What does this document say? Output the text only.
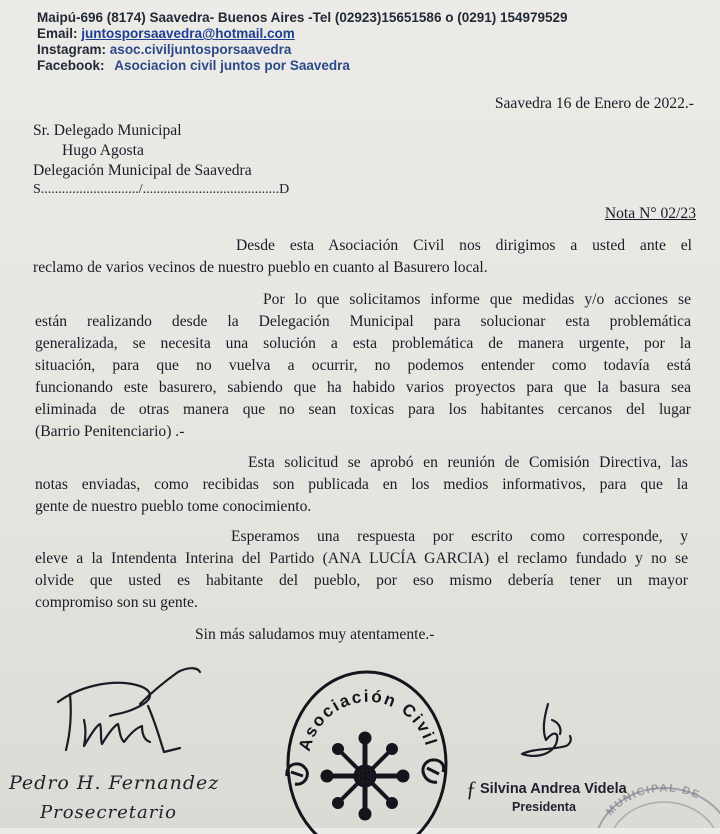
Maipú-696 (8174) Saavedra- Buenos Aires -Tel (02923)15651586 o (0291) 154979529
Email: juntosporsaavedra@hotmail.com
Instagram: asoc.civiljuntosporsaavedra
Facebook: Asociacion civil juntos por Saavedra
Saavedra 16 de Enero de 2022.-
Sr. Delegado Municipal
Hugo Agosta
Delegación Municipal de Saavedra
S............................/.......................................D
Nota N° 02/23
Desde esta Asociación Civil nos dirigimos a usted ante el
reclamo de varios vecinos de nuestro pueblo en cuanto al Basurero local.
Por lo que solicitamos informe que medidas y/o acciones se
están realizando desde la Delegación Municipal para solucionar esta problemática
generalizada, se necesita una solución a esta problemática de manera urgente, por la
situación, para que no vuelva a ocurrir, no podemos entender como todavía está
funcionando este basurero, sabiendo que ha habido varios proyectos para que la basura sea
eliminada de otras manera que no sean toxicas para los habitantes cercanos del lugar
(Barrio Penitenciario) .-
Esta solicitud se aprobó en reunión de Comisión Directiva, las
notas enviadas, como recibidas son publicada en los medios informativos, para que la
gente de nuestro pueblo tome conocimiento.
Esperamos una respuesta por escrito como corresponde, y
eleve a la Intendenta Interina del Partido (ANA LUCÍA GARCIA) el reclamo fundado y no se
olvide que usted es habitante del pueblo, por eso mismo debería tener un mayor
compromiso son su gente.
Sin más saludamos muy atentamente.-
Pedro H. Fernandez
Prosecretario
Asociación Civil
ƒ Silvina Andrea Videla
Presidenta	MUNICIPAL DE
